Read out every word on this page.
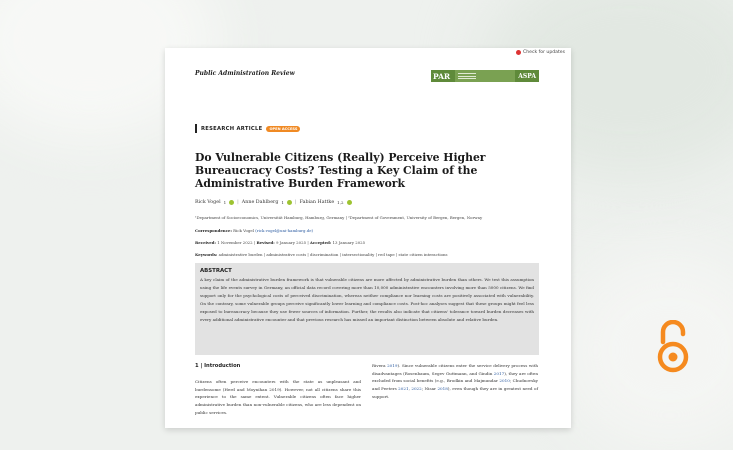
Check for updates
Public Administration Review	PAR	ASPA
RESEARCH ARTICLE	OPEN ACCESS
Do Vulnerable Citizens (Really) Perceive Higher Bureaucracy Costs? Testing a Key Claim of the Administrative Burden Framework
Rick Vogel 1 | Anne Dahlberg 1 | Fabian Hattke 1,2
¹Department of Socioeconomics, Universität Hamburg, Hamburg, Germany | ²Department of Government, University of Bergen, Bergen, Norway
Correspondence: Rick Vogel (rick.vogel@uni-hamburg.de)
Received: 1 November 2022 | Revised: 9 January 2025 | Accepted: 13 January 2025
Keywords: administrative burden | administrative costs | discrimination | intersectionality | red tape | state citizen interactions
ABSTRACT

A key claim of the administrative burden framework is that vulnerable citizens are more affected by administrative burden than others. We test this assumption using the life events survey in Germany, an official data record covering more than 10,000 administrative encounters involving more than 5000 citizens. We find support only for the psychological costs of perceived discrimination, whereas neither compliance nor learning costs are positively associated with vulnerability. On the contrary, some vulnerable groups perceive significantly lower learning and compliance costs. Post-hoc analyses suggest that these groups might feel less exposed to bureaucracy because they use fewer sources of information. Further, the results also indicate that citizens' tolerance toward burden decreases with every additional administrative encounter and that previous research has missed an important distinction between absolute and relative burden.

1 | Introduction

Citizens often perceive encounters with the state as unpleasant and burdensome (Herd and Moynihan 2019). However, not all citizens share this experience to the same extent. Vulnerable citizens often face higher administrative burden than non-vulnerable citizens, who are less dependent on public services.

Rivera 2019). Since vulnerable citizens enter the service delivery process with disadvantages (Rosenbaum, Segev Guttmann, and Gindin 2017), they are often excluded from social benefits (e.g., Brodkin and Majmundar 2010; Chudnovsky and Peeters 2021, 2022; Nisar 2018), even though they are in greatest need of support.
